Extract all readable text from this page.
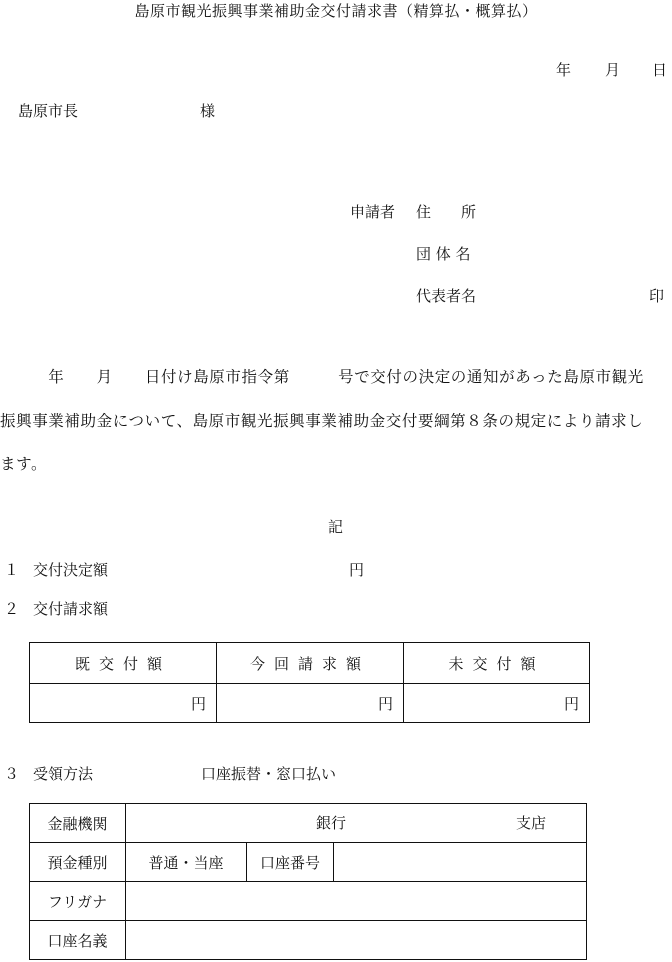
島原市観光振興事業補助金交付請求書（精算払・概算払）
年 月 日
島原市長	様
申請者 住　　所
団 体 名
代表者名	印
　　　年　　月　　日付け島原市指令第　　　号で交付の決定の通知があった島原市観光
振興事業補助金について、島原市観光振興事業補助金交付要綱第８条の規定により請求し
ます。
記
１ 交付決定額	円
２ 交付請求額
既交付額	今回請求額	未交付額
円	円	円
３ 受領方法	口座振替・窓口払い
金融機関	銀行 支店		

預金種別	普通・当座	口座番号	
フリガナ			
口座名義			
